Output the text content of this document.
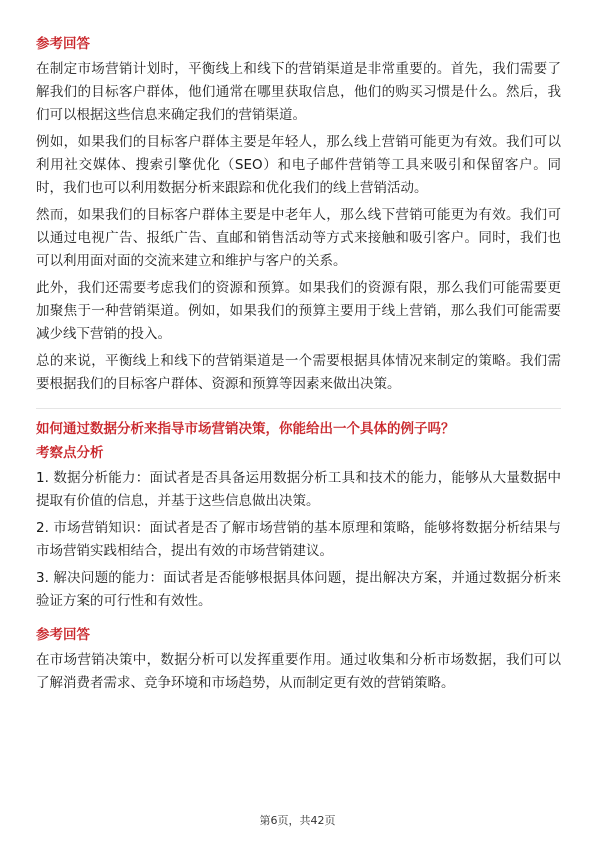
参考回答

在制定市场营销计划时，平衡线上和线下的营销渠道是非常重要的。首先，我们需要了解我们的目标客户群体，他们通常在哪里获取信息，他们的购买习惯是什么。然后，我们可以根据这些信息来确定我们的营销渠道。

例如，如果我们的目标客户群体主要是年轻人，那么线上营销可能更为有效。我们可以利用社交媒体、搜索引擎优化（SEO）和电子邮件营销等工具来吸引和保留客户。同时，我们也可以利用数据分析来跟踪和优化我们的线上营销活动。

然而，如果我们的目标客户群体主要是中老年人，那么线下营销可能更为有效。我们可以通过电视广告、报纸广告、直邮和销售活动等方式来接触和吸引客户。同时，我们也可以利用面对面的交流来建立和维护与客户的关系。

此外，我们还需要考虑我们的资源和预算。如果我们的资源有限，那么我们可能需要更加聚焦于一种营销渠道。例如，如果我们的预算主要用于线上营销，那么我们可能需要减少线下营销的投入。

总的来说，平衡线上和线下的营销渠道是一个需要根据具体情况来制定的策略。我们需要根据我们的目标客户群体、资源和预算等因素来做出决策。

如何通过数据分析来指导市场营销决策，你能给出一个具体的例子吗？
考察点分析

1. 数据分析能力：面试者是否具备运用数据分析工具和技术的能力，能够从大量数据中提取有价值的信息，并基于这些信息做出决策。

2. 市场营销知识：面试者是否了解市场营销的基本原理和策略，能够将数据分析结果与市场营销实践相结合，提出有效的市场营销建议。

3. 解决问题的能力：面试者是否能够根据具体问题，提出解决方案，并通过数据分析来验证方案的可行性和有效性。

参考回答

在市场营销决策中，数据分析可以发挥重要作用。通过收集和分析市场数据，我们可以了解消费者需求、竞争环境和市场趋势，从而制定更有效的营销策略。

第6页，共42页
